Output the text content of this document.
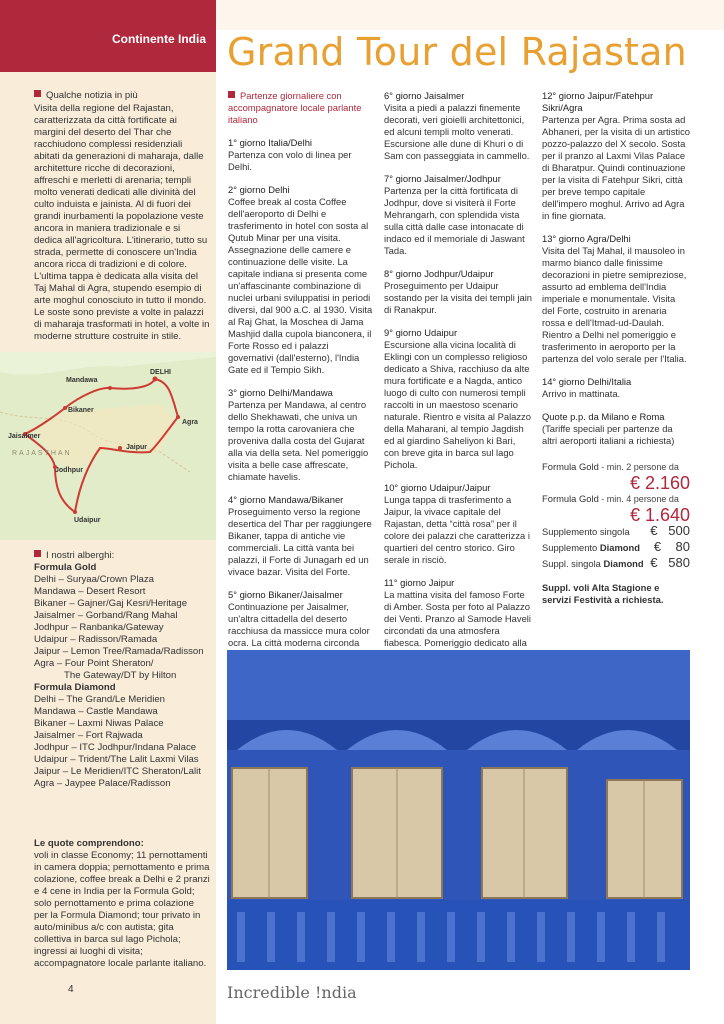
Continente India Grand Tour del Rajastan
Qualche notizia in più
Visita della regione del Rajastan, caratterizzata da città fortificate ai margini del deserto del Thar che racchiudono complessi residenziali abitati da generazioni di maharaja, dalle architetture ricche di decorazioni, affreschi e merletti di arenaria; templi molto venerati dedicati alle divinità del culto induista e jainista. Al di fuori dei grandi inurbamenti la popolazione veste ancora in maniera tradizionale e si dedica all'agricoltura. L'itinerario, tutto su strada, permette di conoscere un'India ancora ricca di tradizioni e di colore. L'ultima tappa è dedicata alla visita del Taj Mahal di Agra, stupendo esempio di arte moghul conosciuto in tutto il mondo. Le soste sono previste a volte in palazzi di maharaja trasformati in hotel, a volte in moderne strutture costruite in stile.
DELHI
Mandawa
Bikaner
Agra
Jaisalmer
RAJASTHAN
Jaipur
Jodhpur
Udaipur
I nostri alberghi:
Formula Gold
Delhi – Suryaa/Crown Plaza
Mandawa – Desert Resort
Bikaner – Gajner/Gaj Kesri/Heritage
Jaisalmer – Gorband/Rang Mahal
Jodhpur – Ranbanka/Gateway
Udaipur – Radisson/Ramada
Jaipur – Lemon Tree/Ramada/Radisson
Agra – Four Point Sheraton/
The Gateway/DT by Hilton
Formula Diamond
Delhi – The Grand/Le Meridien
Mandawa – Castle Mandawa
Bikaner – Laxmi Niwas Palace
Jaisalmer – Fort Rajwada
Jodhpur – ITC Jodhpur/Indana Palace
Udaipur – Trident/The Lalit Laxmi Vilas
Jaipur – Le Meridien/ITC Sheraton/Lalit
Agra – Jaypee Palace/Radisson
Le quote comprendono:
voli in classe Economy; 11 pernottamenti in camera doppia; pernottamento e prima colazione, coffee break a Delhi e 2 pranzi e 4 cene in India per la Formula Gold; solo pernottamento e prima colazione per la Formula Diamond; tour privato in auto/minibus a/c con autista; gita collettiva in barca sul lago Pichola; ingressi ai luoghi di visita; accompagnatore locale parlante italiano.

Partenze giornaliere con accompagnatore locale parlante italiano

1° giorno Italia/Delhi
Partenza con volo di linea per Delhi.

2° giorno Delhi
Coffee break al costa Coffee dell'aeroporto di Delhi e trasferimento in hotel con sosta al Qutub Minar per una visita. Assegnazione delle camere e continuazione delle visite. La capitale indiana si presenta come un'affascinante combinazione di nuclei urbani sviluppatisi in periodi diversi, dal 900 a.C. al 1930. Visita al Raj Ghat, la Moschea di Jama Mashjid dalla cupola bianconera, il Forte Rosso ed i palazzi governativi (dall'esterno), l'India Gate ed il Tempio Sikh.

3° giorno Delhi/Mandawa
Partenza per Mandawa, al centro dello Shekhawati, che univa un tempo la rotta carovaniera che proveniva dalla costa del Gujarat alla via della seta. Nel pomeriggio visita a belle case affrescate, chiamate havelis.

4° giorno Mandawa/Bikaner
Proseguimento verso la regione desertica del Thar per raggiungere Bikaner, tappa di antiche vie commerciali. La città vanta bei palazzi, il Forte di Junagarh ed un vivace bazar. Visita del Forte.

5° giorno Bikaner/Jaisalmer
Continuazione per Jaisalmer, un'altra cittadella del deserto racchiusa da massicce mura color ocra. La città moderna circonda

6° giorno Jaisalmer
Visita a piedi a palazzi finemente decorati, veri gioielli architettonici, ed alcuni templi molto venerati. Escursione alle dune di Khuri o di Sam con passeggiata in cammello.

7° giorno Jaisalmer/Jodhpur
Partenza per la città fortificata di Jodhpur, dove si visiterà il Forte Mehrangarh, con splendida vista sulla città dalle case intonacate di indaco ed il memoriale di Jaswant Tada.

8° giorno Jodhpur/Udaipur
Proseguimento per Udaipur sostando per la visita dei templi jain di Ranakpur.

9° giorno Udaipur
Escursione alla vicina località di Eklingi con un complesso religioso dedicato a Shiva, racchiuso da alte mura fortificate e a Nagda, antico luogo di culto con numerosi templi raccolti in un maestoso scenario naturale. Rientro e visita al Palazzo della Maharani, al tempio Jagdish ed al giardino Saheliyon ki Bari, con breve gita in barca sul lago Pichola.

10° giorno Udaipur/Jaipur
Lunga tappa di trasferimento a Jaipur, la vivace capitale del Rajastan, detta “città rosa” per il colore dei palazzi che caratterizza i quartieri del centro storico. Giro serale in risciò.

11° giorno Jaipur
La mattina visita del famoso Forte di Amber. Sosta per foto al Palazzo dei Venti. Pranzo al Samode Haveli circondati da una atmosfera fiabesca. Pomeriggio dedicato alla

12° giorno Jaipur/Fatehpur Sikri/Agra
Partenza per Agra. Prima sosta ad Abhaneri, per la visita di un artistico pozzo-palazzo del X secolo. Sosta per il pranzo al Laxmi Vilas Palace di Bharatpur. Quindi continuazione per la visita di Fatehpur Sikri, città per breve tempo capitale dell'impero moghul. Arrivo ad Agra in fine giornata.

13° giorno Agra/Delhi
Visita del Taj Mahal, il mausoleo in marmo bianco dalle finissime decorazioni in pietre semipreziose, assurto ad emblema dell'India imperiale e monumentale. Visita del Forte, costruito in arenaria rossa e dell'Itmad-ud-Daulah. Rientro a Delhi nel pomeriggio e trasferimento in aeroporto per la partenza del volo serale per l'Italia.

14° giorno Delhi/Italia
Arrivo in mattinata.

Quote p.p. da Milano e Roma
(Tariffe speciali per partenze da altri aeroporti italiani a richiesta)

Formula Gold - min. 2 persone da
€ 2.160
Formula Gold - min. 4 persone da
€ 1.640
Supplemento singola €   500
Supplemento Diamond €    80
Suppl. singola Diamond €   580

Suppl. voli Alta Stagione e servizi Festività a richiesta.

4	Incredible !ndia
